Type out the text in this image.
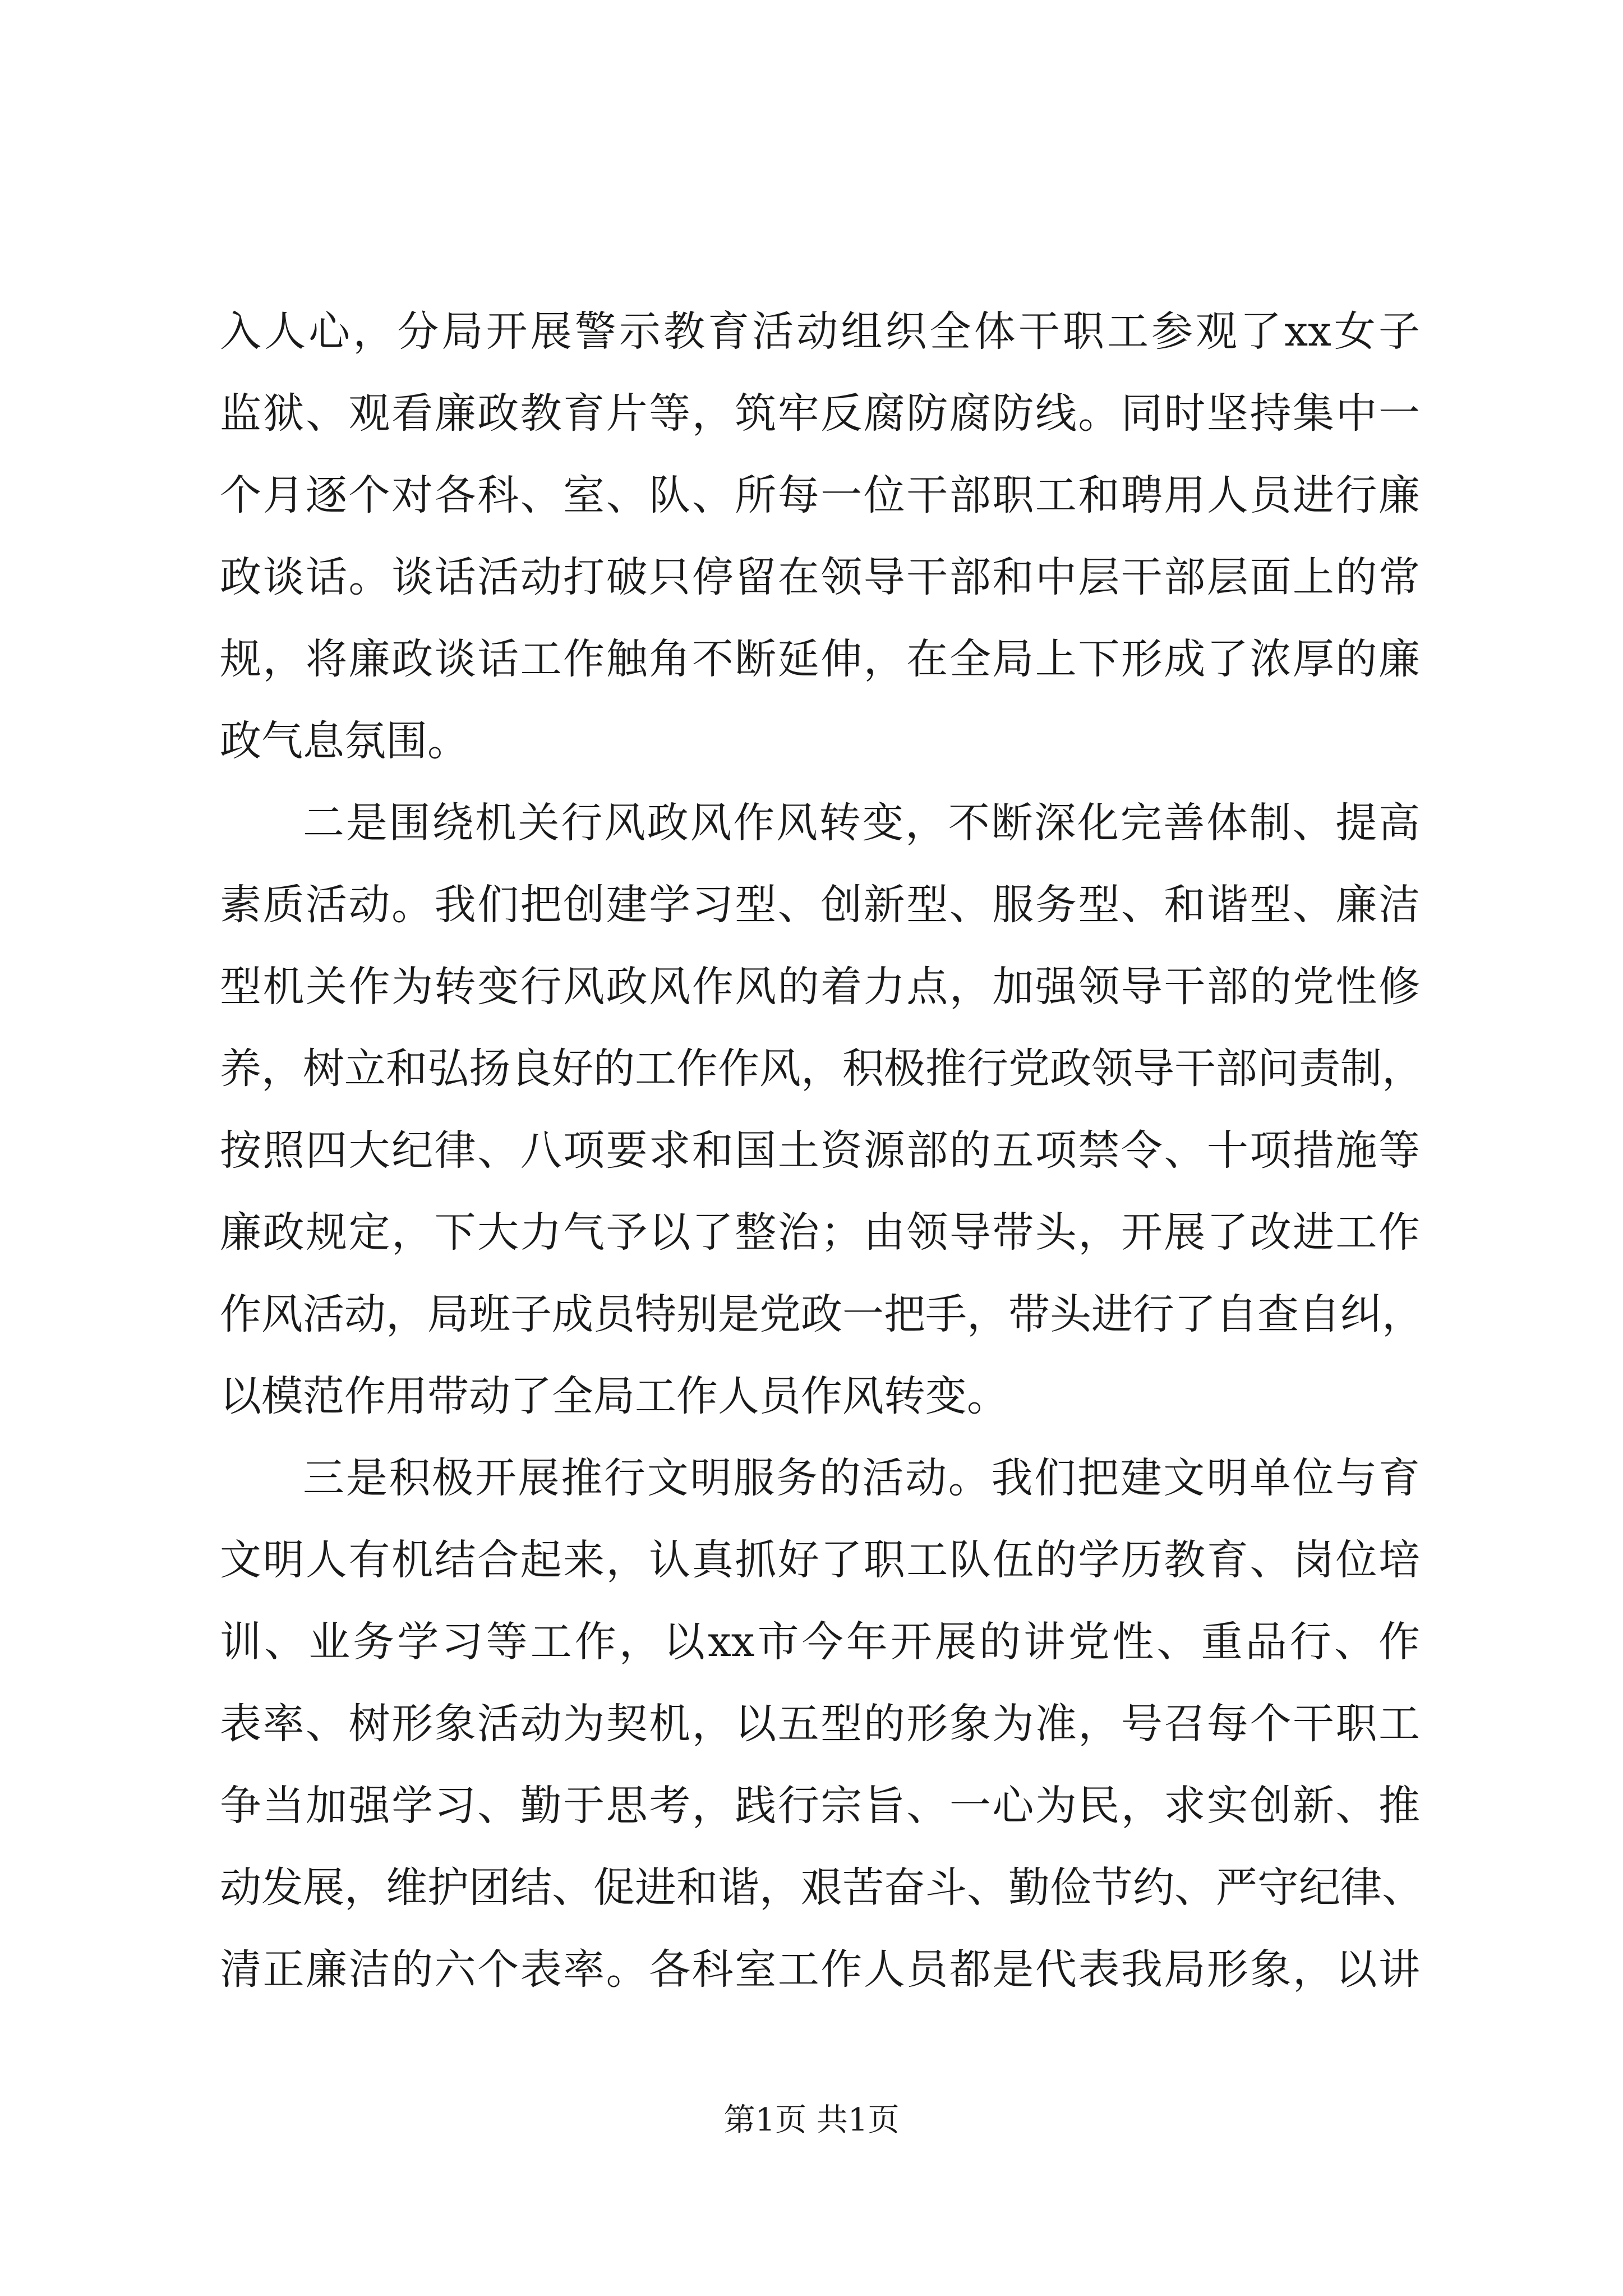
入人心，分局开展警示教育活动组织全体干职工参观了xx女子
监狱、观看廉政教育片等，筑牢反腐防腐防线。同时坚持集中一
个月逐个对各科、室、队、所每一位干部职工和聘用人员进行廉
政谈话。谈话活动打破只停留在领导干部和中层干部层面上的常
规，将廉政谈话工作触角不断延伸，在全局上下形成了浓厚的廉
政气息氛围。
二是围绕机关行风政风作风转变，不断深化完善体制、提高
素质活动。我们把创建学习型、创新型、服务型、和谐型、廉洁
型机关作为转变行风政风作风的着力点，加强领导干部的党性修
养，树立和弘扬良好的工作作风，积极推行党政领导干部问责制，
按照四大纪律、八项要求和国土资源部的五项禁令、十项措施等
廉政规定，下大力气予以了整治；由领导带头，开展了改进工作
作风活动，局班子成员特别是党政一把手，带头进行了自查自纠，
以模范作用带动了全局工作人员作风转变。
三是积极开展推行文明服务的活动。我们把建文明单位与育
文明人有机结合起来，认真抓好了职工队伍的学历教育、岗位培
训、业务学习等工作，以xx市今年开展的讲党性、重品行、作
表率、树形象活动为契机，以五型的形象为准，号召每个干职工
争当加强学习、勤于思考，践行宗旨、一心为民，求实创新、推
动发展，维护团结、促进和谐，艰苦奋斗、勤俭节约、严守纪律、
清正廉洁的六个表率。各科室工作人员都是代表我局形象，以讲
第1页 共1页
